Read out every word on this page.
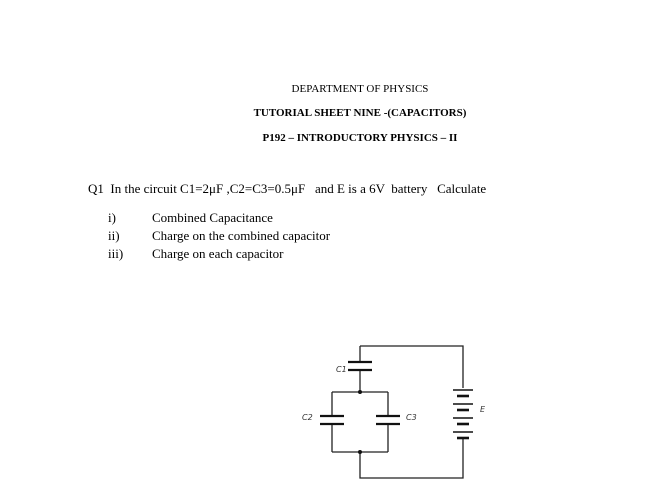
DEPARTMENT OF PHYSICS

TUTORIAL SHEET NINE -(CAPACITORS)

P192 – INTRODUCTORY PHYSICS – II

Q1  In the circuit C1=2μF ,C2=C3=0.5μF   and E is a 6V  battery   Calculate
i)	Combined Capacitance
ii) Charge on the combined capacitor
iii) Charge on each capacitor
C1
C2	C3
E
